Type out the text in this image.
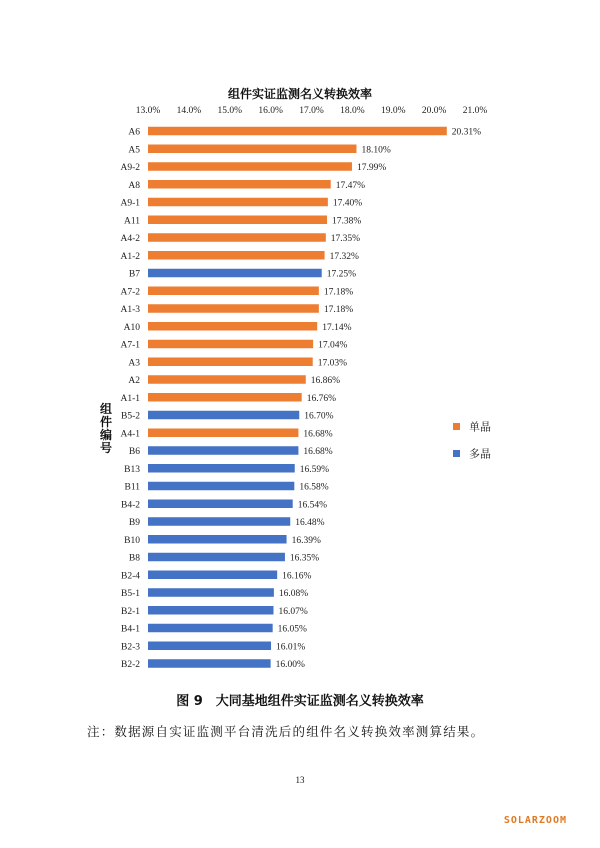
组件实证监测名义转换效率
13.0% 14.0% 15.0% 16.0% 17.0% 18.0% 19.0% 20.0% 21.0%
A6
A5
A9-2
A8
A9-1
A11
A4-2
A1-2
B7
A7-2
A1-3
A10
A7-1
A3
A2
A1-1
B5-2
A4-1
B6
B13
B11
B4-2
B9
B10
B8
B2-4
B5-1
B2-1
B4-1
B2-3
B2-2
20.31%
18.10%
17.99%
17.47%
17.40%
17.38%
17.35%
17.32%
17.25%
17.18%
17.18%
17.14%
17.04%
17.03%
16.86%
16.76%
16.70%
16.68%
16.68%
16.59%
16.58%
16.54%
16.48%
16.39%
16.35%
16.16%
16.08%
16.07%
16.05%
16.01%
16.00%
组件编号
单晶
多晶
图 9　大同基地组件实证监测名义转换效率
注：数据源自实证监测平台清洗后的组件名义转换效率测算结果。
13
SOLARZOOM
